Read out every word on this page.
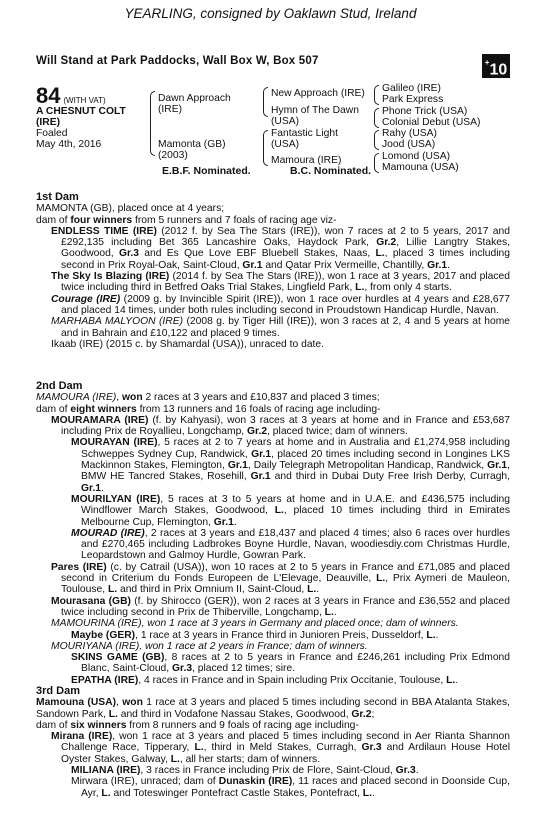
YEARLING, consigned by Oaklawn Stud, Ireland
Will Stand at Park Paddocks, Wall Box W, Box 507	+10
84 (WITH VAT)
A CHESNUT COLT
(IRE)
Foaled
May 4th, 2016
Dawn Approach
(IRE)
Mamonta (GB)
(2003)
New Approach (IRE)
Hymn of The Dawn
(USA)
Fantastic Light
(USA)
Mamoura (IRE)
Galileo (IRE)
Park Express
Phone Trick (USA)
Colonial Debut (USA)
Rahy (USA)
Jood (USA)
Lomond (USA)
Mamouna (USA)
E.B.F. Nominated.	B.C. Nominated.
1st Dam
MAMONTA (GB), placed once at 4 years;
dam of four winners from 5 runners and 7 foals of racing age viz-
ENDLESS TIME (IRE) (2012 f. by Sea The Stars (IRE)), won 7 races at 2 to 5 years, 2017 and £292,135 including Bet 365 Lancashire Oaks, Haydock Park, Gr.2, Lillie Langtry Stakes, Goodwood, Gr.3 and Es Que Love EBF Bluebell Stakes, Naas, L., placed 3 times including second in Prix Royal-Oak, Saint-Cloud, Gr.1 and Qatar Prix Vermeille, Chantilly, Gr.1.
The Sky Is Blazing (IRE) (2014 f. by Sea The Stars (IRE)), won 1 race at 3 years, 2017 and placed twice including third in Betfred Oaks Trial Stakes, Lingfield Park, L., from only 4 starts.
Courage (IRE) (2009 g. by Invincible Spirit (IRE)), won 1 race over hurdles at 4 years and £28,677 and placed 14 times, under both rules including second in Proudstown Handicap Hurdle, Navan.
MARHABA MALYOON (IRE) (2008 g. by Tiger Hill (IRE)), won 3 races at 2, 4 and 5 years at home and in Bahrain and £10,122 and placed 9 times.
Ikaab (IRE) (2015 c. by Shamardal (USA)), unraced to date.
2nd Dam
MAMOURA (IRE), won 2 races at 3 years and £10,837 and placed 3 times;
dam of eight winners from 13 runners and 16 foals of racing age including-
MOURAMARA (IRE) (f. by Kahyasi), won 3 races at 3 years at home and in France and £53,687 including Prix de Royallieu, Longchamp, Gr.2, placed twice; dam of winners.
MOURAYAN (IRE), 5 races at 2 to 7 years at home and in Australia and £1,274,958 including Schweppes Sydney Cup, Randwick, Gr.1, placed 20 times including second in Longines LKS Mackinnon Stakes, Flemington, Gr.1, Daily Telegraph Metropolitan Handicap, Randwick, Gr.1, BMW HE Tancred Stakes, Rosehill, Gr.1 and third in Dubai Duty Free Irish Derby, Curragh, Gr.1.
MOURILYAN (IRE), 5 races at 3 to 5 years at home and in U.A.E. and £436,575 including Windflower March Stakes, Goodwood, L., placed 10 times including third in Emirates Melbourne Cup, Flemington, Gr.1.
MOURAD (IRE), 2 races at 3 years and £18,437 and placed 4 times; also 6 races over hurdles and £270,465 including Ladbrokes Boyne Hurdle, Navan, woodiesdiy.com Christmas Hurdle, Leopardstown and Galmoy Hurdle, Gowran Park.
Pares (IRE) (c. by Catrail (USA)), won 10 races at 2 to 5 years in France and £71,085 and placed second in Criterium du Fonds Europeen de L'Elevage, Deauville, L., Prix Aymeri de Mauleon, Toulouse, L. and third in Prix Omnium II, Saint-Cloud, L..
Mourasana (GB) (f. by Shirocco (GER)), won 2 races at 3 years in France and £36,552 and placed twice including second in Prix de Thiberville, Longchamp, L..
MAMOURINA (IRE), won 1 race at 3 years in Germany and placed once; dam of winners.
Maybe (GER), 1 race at 3 years in France third in Junioren Preis, Dusseldorf, L..
MOURIYANA (IRE), won 1 race at 2 years in France; dam of winners.
SKINS GAME (GB), 8 races at 2 to 5 years in France and £246,261 including Prix Edmond Blanc, Saint-Cloud, Gr.3, placed 12 times; sire.
EPATHA (IRE), 4 races in France and in Spain including Prix Occitanie, Toulouse, L..
3rd Dam
Mamouna (USA), won 1 race at 3 years and placed 5 times including second in BBA Atalanta Stakes, Sandown Park, L. and third in Vodafone Nassau Stakes, Goodwood, Gr.2;
dam of six winners from 8 runners and 9 foals of racing age including-
Mirana (IRE), won 1 race at 3 years and placed 5 times including second in Aer Rianta Shannon Challenge Race, Tipperary, L., third in Meld Stakes, Curragh, Gr.3 and Ardilaun House Hotel Oyster Stakes, Galway, L., all her starts; dam of winners.
MILIANA (IRE), 3 races in France including Prix de Flore, Saint-Cloud, Gr.3.
Mirwara (IRE), unraced; dam of Dunaskin (IRE), 11 races and placed second in Doonside Cup, Ayr, L. and Toteswinger Pontefract Castle Stakes, Pontefract, L..
